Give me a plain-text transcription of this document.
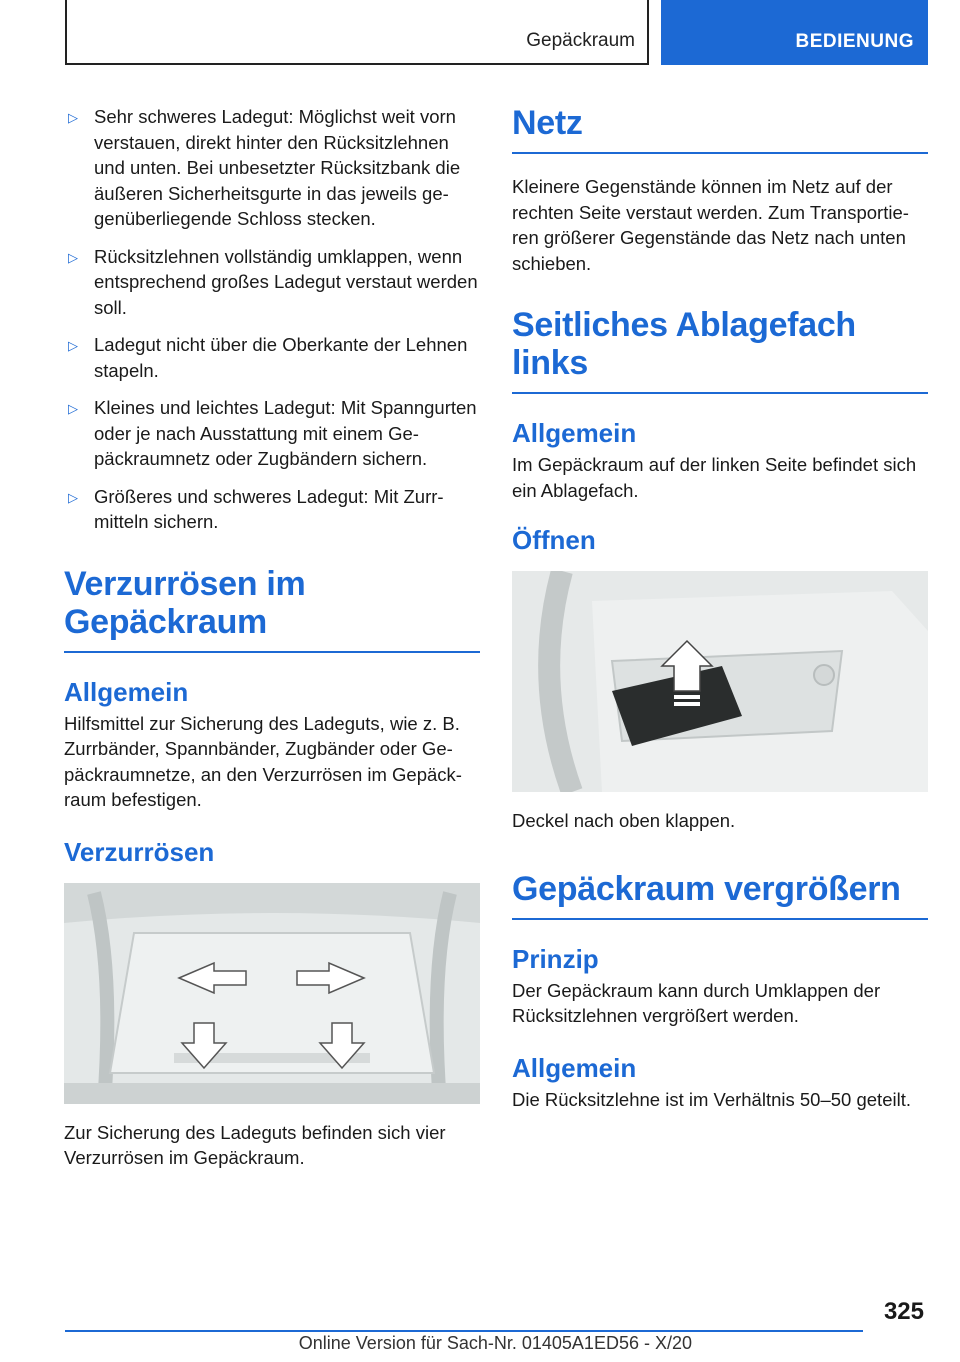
Gepäckraum	BEDIENUNG
▷ Sehr schweres Ladegut: Möglichst weit vorn verstauen, direkt hinter den Rücksitzlehnen und unten. Bei unbesetzter Rücksitzbank die äußeren Sicherheitsgurte in das jeweils gegenüberliegende Schloss stecken.
▷ Rücksitzlehnen vollständig umklappen, wenn entsprechend großes Ladegut verstaut werden soll.
▷ Ladegut nicht über die Oberkante der Lehnen stapeln.
▷ Kleines und leichtes Ladegut: Mit Spanngurten oder je nach Ausstattung mit einem Gepäckraumnetz oder Zugbändern sichern.
▷ Größeres und schweres Ladegut: Mit Zurrmitteln sichern.
Verzurrösen im Gepäckraum
Allgemein
Hilfsmittel zur Sicherung des Ladeguts, wie z. B. Zurrbänder, Spannbänder, Zugbänder oder Gepäckraumnetze, an den Verzurrösen im Gepäckraum befestigen.
Verzurrösen
Zur Sicherung des Ladeguts befinden sich vier Verzurrösen im Gepäckraum.
Netz
Kleinere Gegenstände können im Netz auf der rechten Seite verstaut werden. Zum Transportieren größerer Gegenstände das Netz nach unten schieben.
Seitliches Ablagefach links
Allgemein
Im Gepäckraum auf der linken Seite befindet sich ein Ablagefach.
Öffnen
Deckel nach oben klappen.
Gepäckraum vergrößern
Prinzip
Der Gepäckraum kann durch Umklappen der Rücksitzlehnen vergrößert werden.
Allgemein
Die Rücksitzlehne ist im Verhältnis 50–50 geteilt.
325
Online Version für Sach-Nr. 01405A1ED56 - X/20
